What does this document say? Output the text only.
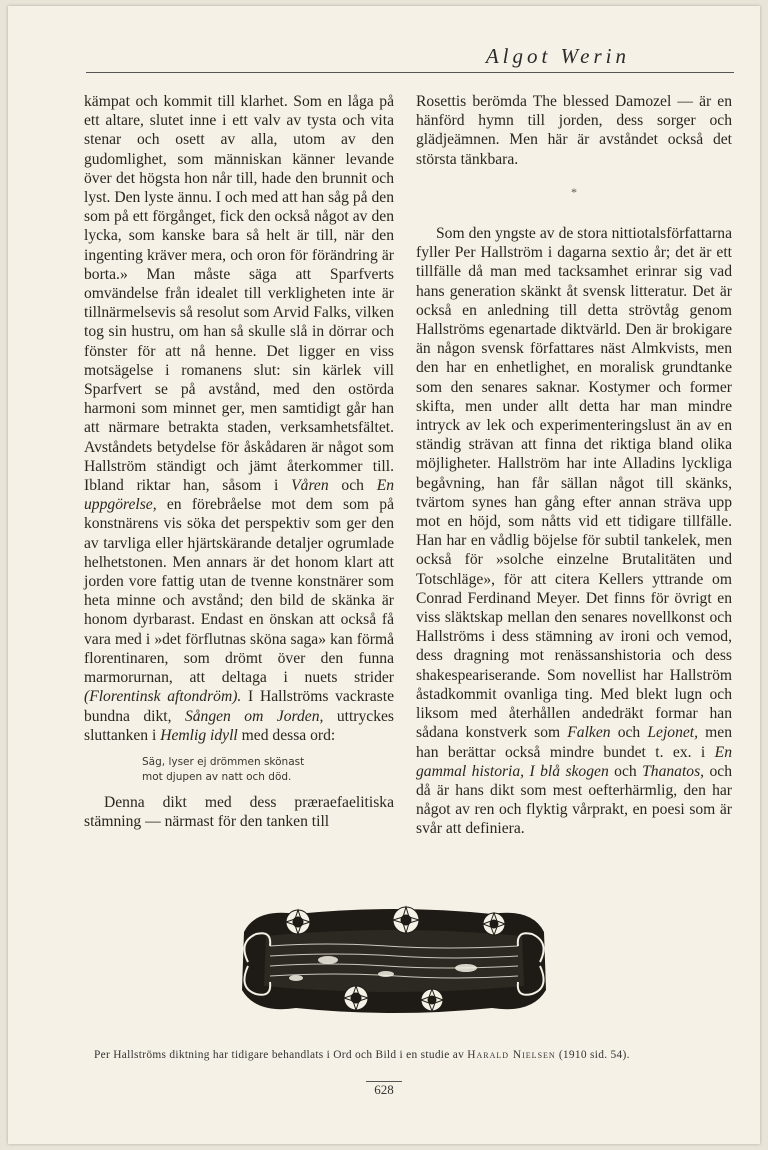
Algot Werin

kämpat och kommit till klarhet. Som en låga på ett altare, slutet inne i ett valv av tysta och vita stenar och osett av alla, utom av den gudomlighet, som människan känner levande över det högsta hon når till, hade den brunnit och lyst. Den lyste ännu. I och med att han såg på den som på ett förgånget, fick den också något av den lycka, som kanske bara så helt är till, när den ingenting kräver mera, och oron för förändring är borta.» Man måste säga att Sparfverts omvändelse från idealet till verkligheten inte är tillnärmelsevis så resolut som Arvid Falks, vilken tog sin hustru, om han så skulle slå in dörrar och fönster för att nå henne. Det ligger en viss motsägelse i romanens slut: sin kärlek vill Sparfvert se på avstånd, med den ostörda harmoni som minnet ger, men samtidigt går han att närmare betrakta staden, verksamhetsfältet. Avståndets betydelse för åskådaren är något som Hallström ständigt och jämt återkommer till. Ibland riktar han, såsom i Våren och En uppgörelse, en förebråelse mot dem som på konstnärens vis söka det perspektiv som ger den av tarvliga eller hjärtskärande detaljer ogrumlade helhetstonen. Men annars är det honom klart att jorden vore fattig utan de tvenne konstnärer som heta minne och avstånd; den bild de skänka är honom dyrbarast. Endast en önskan att också få vara med i »det förflutnas sköna saga» kan förmå florentinaren, som drömt över den funna marmorurnan, att deltaga i nuets strider (Florentinsk aftondröm). I Hallströms vackraste bundna dikt, Sången om Jorden, uttryckes sluttanken i Hemlig idyll med dessa ord:

Säg, lyser ej drömmen skönast
mot djupen av natt och död.

Denna dikt med dess præraefaelitiska stämning — närmast för den tanken till

Rosettis berömda The blessed Damozel — är en hänförd hymn till jorden, dess sorger och glädjeämnen. Men här är avståndet också det största tänkbara.

*

Som den yngste av de stora nittiotalsförfattarna fyller Per Hallström i dagarna sextio år; det är ett tillfälle då man med tacksamhet erinrar sig vad hans generation skänkt åt svensk litteratur. Det är också en anledning till detta strövtåg genom Hallströms egenartade diktvärld. Den är brokigare än någon svensk författares näst Almkvists, men den har en enhetlighet, en moralisk grundtanke som den senares saknar. Kostymer och former skifta, men under allt detta har man mindre intryck av lek och experimenteringslust än av en ständig strävan att finna det riktiga bland olika möjligheter. Hallström har inte Alladins lyckliga begåvning, han får sällan något till skänks, tvärtom synes han gång efter annan sträva upp mot en höjd, som nåtts vid ett tidigare tillfälle. Han har en vådlig böjelse för subtil tankelek, men också för »solche einzelne Brutalitäten und Totschläge», för att citera Kellers yttrande om Conrad Ferdinand Meyer. Det finns för övrigt en viss släktskap mellan den senares novellkonst och Hallströms i dess stämning av ironi och vemod, dess dragning mot renässanshistoria och dess shakespeariserande. Som novellist har Hallström åstadkommit ovanliga ting. Med blekt lugn och liksom med återhållen andedräkt formar han sådana konstverk som Falken och Lejonet, men han berättar också mindre bundet t. ex. i En gammal historia, I blå skogen och Thanatos, och då är hans dikt som mest oefterhärmlig, den har något av ren och flyktig vårprakt, en poesi som är svår att definiera.

Per Hallströms diktning har tidigare behandlats i Ord och Bild i en studie av Harald Nielsen (1910 sid. 54).
628
